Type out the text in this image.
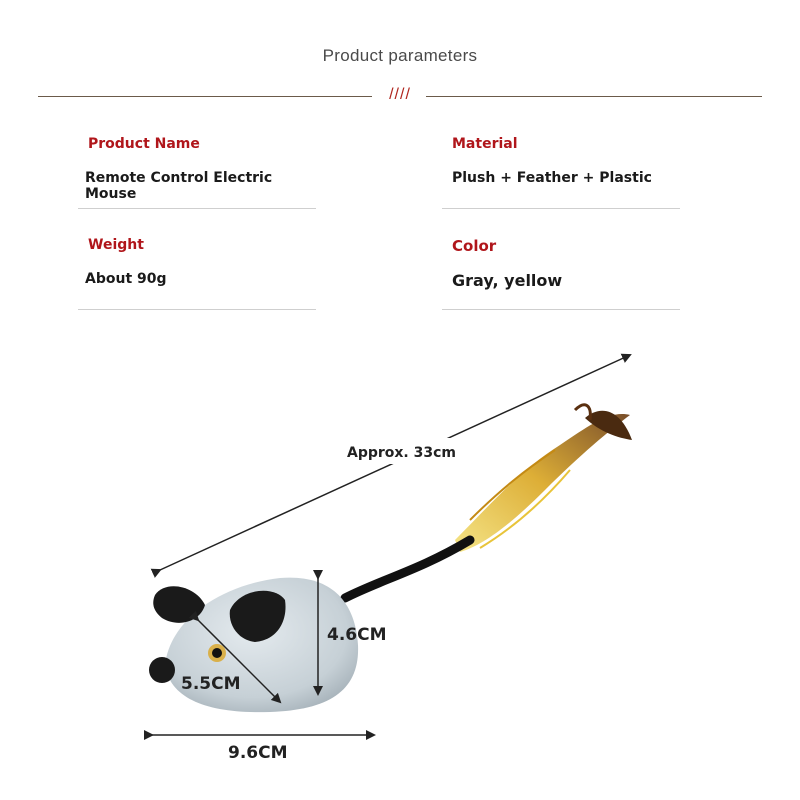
Product parameters
////
Product Name
Remote Control Electric Mouse
Material
Plush + Feather + Plastic
Weight
About 90g
Color
Gray, yellow
Approx. 33cm
5.5CM
4.6CM
9.6CM
